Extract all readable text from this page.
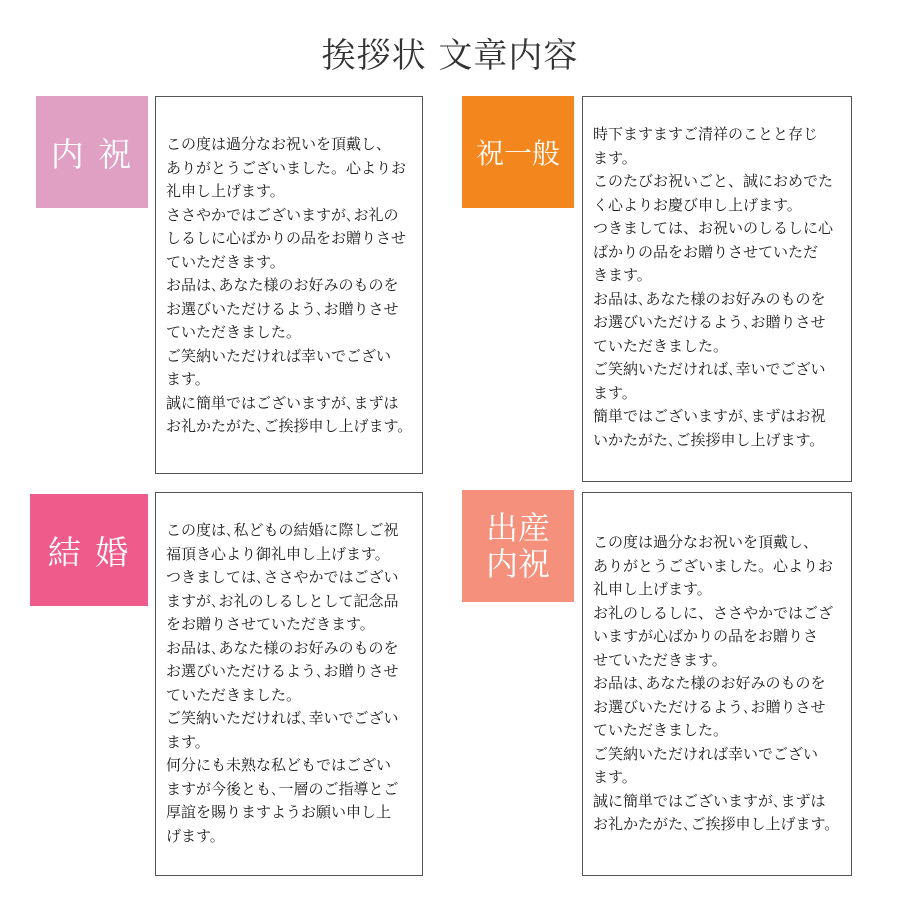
挨拶状 文章内容
内 祝 この度は過分なお祝いを頂戴し、
ありがとうございました。心よりお
礼申し上げます。
ささやかではございますが､お礼の
しるしに心ばかりの品をお贈りさせ
ていただきます。
お品は､あなた様のお好みのものを
お選びいただけるよう､お贈りさせ
ていただきました。
ご笑納いただければ幸いでござい
ます。
誠に簡単ではございますが､まずは
お礼かたがた､ご挨拶申し上げます。
祝一般
時下ますますご清祥のことと存じ
ます。
このたびお祝いごと、誠におめでた
く心よりお慶び申し上げます。
つきましては、お祝いのしるしに心
ばかりの品をお贈りさせていただ
きます。
お品は､あなた様のお好みのものを
お選びいただけるよう､お贈りさせ
ていただきました。
ご笑納いただければ､幸いでござい
ます。
簡単ではございますが､まずはお祝
いかたがた､ご挨拶申し上げます。
結 婚
この度は､私どもの結婚に際しご祝
福頂き心より御礼申し上げます。
つきましては､ささやかではござい
ますが､お礼のしるしとして記念品
をお贈りさせていただきます。
お品は､あなた様のお好みのものを
お選びいただけるよう､お贈りさせ
ていただきました。
ご笑納いただければ､幸いでござい
ます。
何分にも未熟な私どもではござい
ますが今後とも､一層のご指導とご
厚誼を賜りますようお願い申し上
げます。
出産
内祝
この度は過分なお祝いを頂戴し、
ありがとうございました。心よりお
礼申し上げます。
お礼のしるしに、ささやかではござ
いますが心ばかりの品をお贈りさ
せていただきます。
お品は､あなた様のお好みのものを
お選びいただけるよう､お贈りさせ
ていただきました。
ご笑納いただければ幸いでござい
ます。
誠に簡単ではございますが､まずは
お礼かたがた､ご挨拶申し上げます。
